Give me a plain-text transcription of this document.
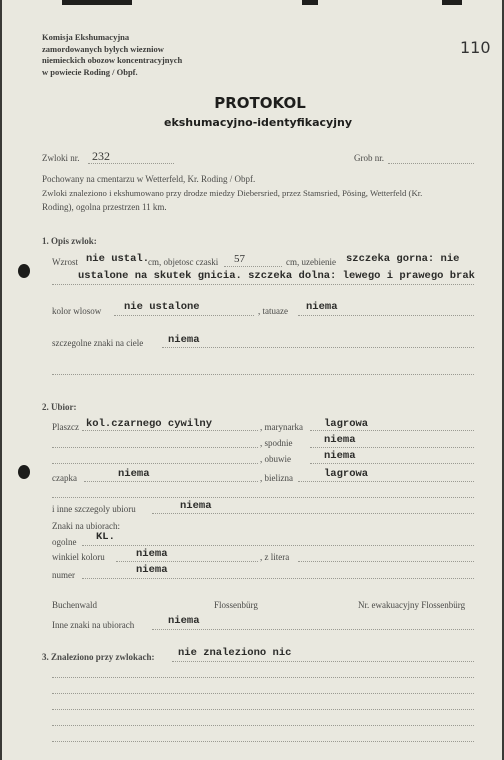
Komisja Ekshumacyjna
zamordowanych bylych wiezniow
niemieckich obozow koncentracyjnych
w powiecie Roding / Obpf.
110
PROTOKOL
ekshumacyjno-identyfikacyjny
Zwloki nr. 232	Grob nr.
Pochowany na cmentarzu w Wetterfeld, Kr. Roding / Obpf.
Zwloki znaleziono i ekshumowano przy drodze miedzy Diebersried, przez Stamsried, Pösing, Wetterfeld (Kr.
Roding), ogolna przestrzen 11 km.
1. Opis zwlok:
Wzrost nie ustal.
cm, objetosc czaski 57	cm, uzebienie szczeka gorna: nie
ustalone na skutek gnicia. szczeka dolna: lewego i prawego brak
kolor wlosow nie ustalone	, tatuaze niema
szczegolne znaki na ciele niema
2. Ubior:
Plaszcz kol.czarnego cywilny	, marynarka lagrowa
, spodnie	niema
, obuwie	niema
czapka	niema	, bielizna	lagrowa
i inne szczegoly ubioru	niema
Znaki na ubiorach:
ogolne KL.
winkiel koloru	niema	, z litera
numer	niema
Buchenwald	Flossenbürg	Nr. ewakuacyjny Flossenbürg
Inne znaki na ubiorach	niema
3. Znaleziono przy zwlokach: nie znaleziono nic
